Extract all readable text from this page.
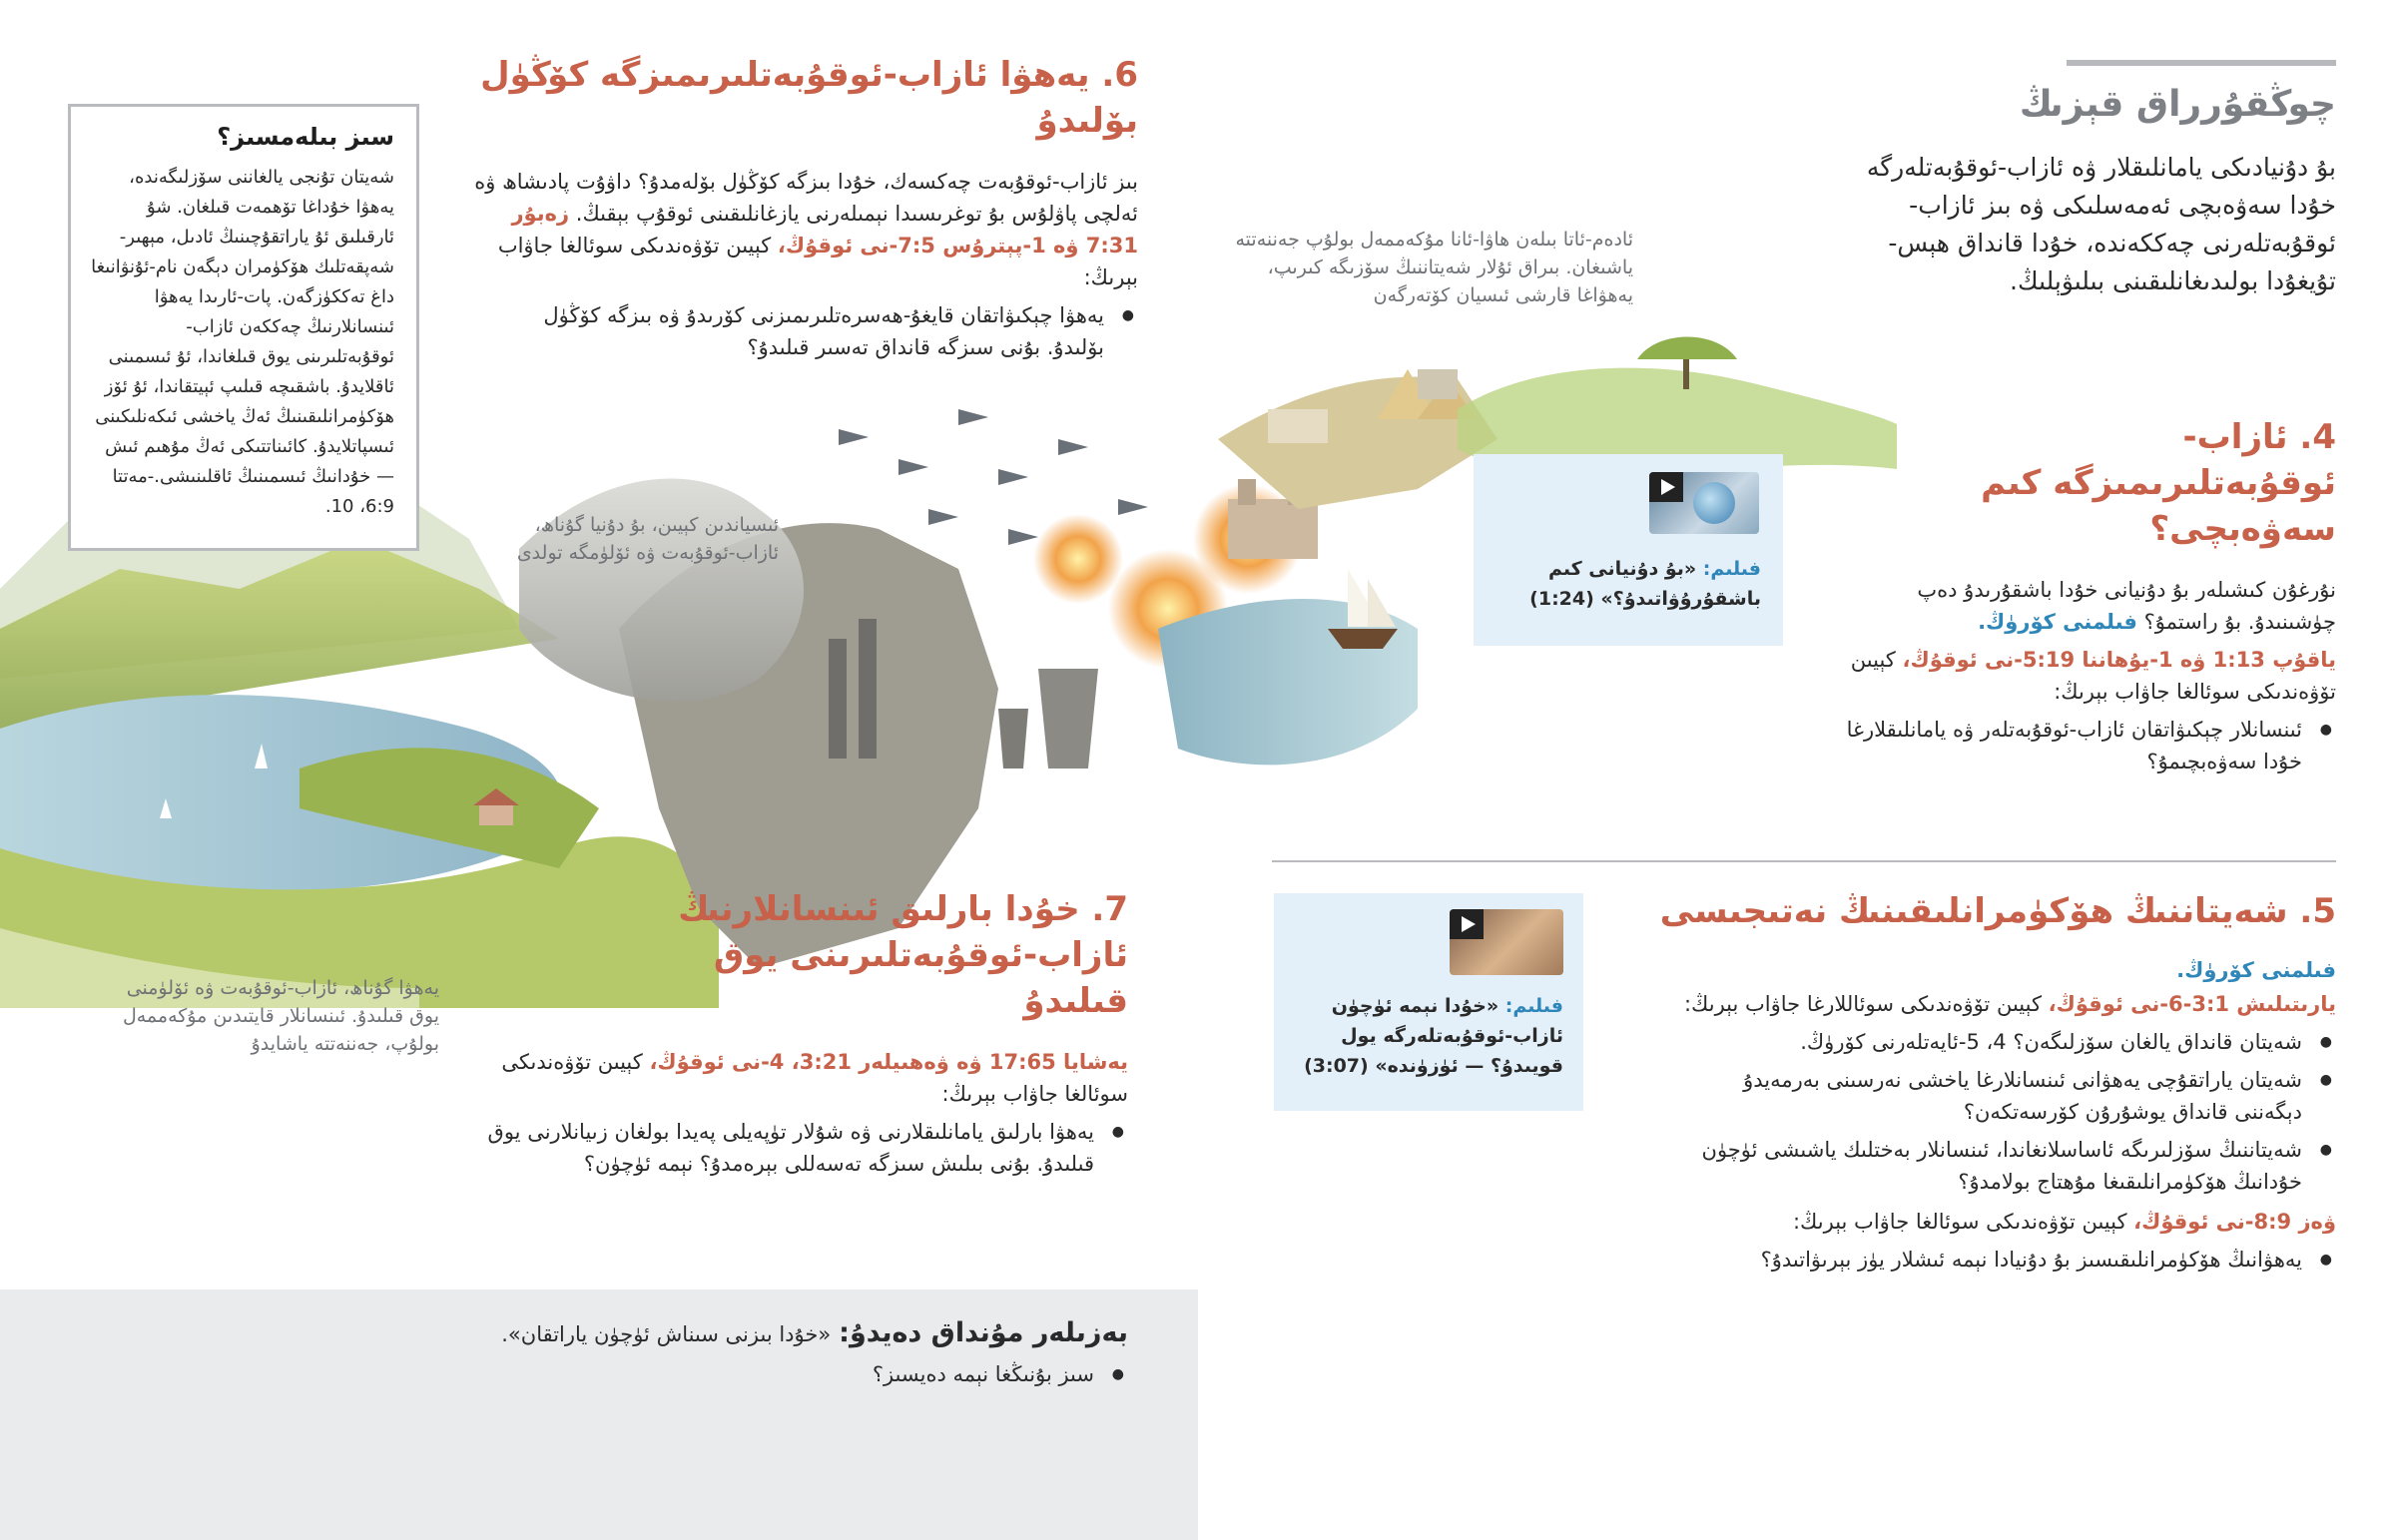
چوڭقۇرراق قېزىڭ

بۇ دۇنيادىكى يامانلىقلار ۋە ئازاب-ئوقۇبەتلەرگە خۇدا سەۋەبچى ئەمەسلىكى ۋە بىز ئازاب-ئوقۇبەتلەرنى چەككەندە، خۇدا قانداق ھېس-تۇيغۇدا بولىدىغانلىقىنى بىلىۋېلىڭ.

4. ئازاب-ئوقۇبەتلىرىمىزگە كىم سەۋەبچى؟

نۇرغۇن كىشىلەر بۇ دۇنيانى خۇدا باشقۇرىدۇ دەپ چۈشىنىدۇ. بۇ راستمۇ؟ فىلمنى كۆرۈڭ.

ياقۇپ 1:13 ۋە 1-يۇھاننا 5:19-نى ئوقۇڭ، كېيىن تۆۋەندىكى سوئالغا جاۋاب بېرىڭ:

● ئىنسانلار چېكىۋاتقان ئازاب-ئوقۇبەتلەر ۋە يامانلىقلارغا خۇدا سەۋەبچىمۇ؟
فىلىم: «بۇ دۇنيانى كىم باشقۇرۇۋاتىدۇ؟» (1:24)
5. شەيتاننىڭ ھۆكۈمرانلىقىنىڭ نەتىجىسى

فىلمنى كۆرۈڭ.

يارىتىلىش 3:1-6-نى ئوقۇڭ، كېيىن تۆۋەندىكى سوئاللارغا جاۋاب بېرىڭ:

● شەيتان قانداق يالغان سۆزلىگەن؟ 4، 5-ئايەتلەرنى كۆرۈڭ.
● شەيتان ياراتقۇچى يەھۋانى ئىنسانلارغا ياخشى نەرسىنى بەرمەيدۇ دېگەننى قانداق يوشۇرۇن كۆرسەتكەن؟
● شەيتاننىڭ سۆزلىرىگە ئاساسلانغاندا، ئىنسانلار بەختلىك ياشىشى ئۈچۈن خۇدانىڭ ھۆكۈمرانلىقىغا مۇھتاج بولامدۇ؟

ۋەز 8:9-نى ئوقۇڭ، كېيىن تۆۋەندىكى سوئالغا جاۋاب بېرىڭ:

● يەھۋانىڭ ھۆكۈمرانلىقىسىز بۇ دۇنيادا نېمە ئىشلار يۈز بېرىۋاتىدۇ؟
فىلىم: «خۇدا نېمە ئۈچۈن ئازاب-ئوقۇبەتلەرگە يول قويىدۇ؟ — ئۈزۈندە» (3:07)
6. يەھۋا ئازاب-ئوقۇبەتلىرىمىزگە كۆڭۈل بۆلىدۇ

بىز ئازاب-ئوقۇبەت چەكسەك، خۇدا بىزگە كۆڭۈل بۆلەمدۇ؟ داۋۇت پادىشاھ ۋە ئەلچى پاۋلۇس بۇ توغرىسىدا نېمىلەرنى يازغانلىقىنى ئوقۇپ بېقىڭ. زەبۇر 7:31 ۋە 1-پېترۇس 7:5-نى ئوقۇڭ، كېيىن تۆۋەندىكى سوئالغا جاۋاب بېرىڭ:

● يەھۋا چېكىۋاتقان قايغۇ-ھەسرەتلىرىمىزنى كۆرىدۇ ۋە بىزگە كۆڭۈل بۆلىدۇ. بۇنى سىزگە قانداق تەسىر قىلىدۇ؟
سىز بىلەمسىز؟

شەيتان تۇنجى يالغاننى سۆزلىگەندە، يەھۋا خۇداغا تۆھمەت قىلغان. شۇ ئارقىلىق ئۇ ياراتقۇچىنىڭ ئادىل، مېھىر-شەپقەتلىك ھۆكۈمران دېگەن نام-ئۇنۋانىغا داغ تەككۈزگەن. پات-ئارىدا يەھۋا ئىنسانلارنىڭ چەككەن ئازاب-ئوقۇبەتلىرىنى يوق قىلغاندا، ئۇ ئىسمىنى ئاقلايدۇ. باشقىچە قىلىپ ئېيتقاندا، ئۇ ئۆز ھۆكۈمرانلىقىنىڭ ئەڭ ياخشى ئىكەنلىكىنى ئىسپاتلايدۇ. كائىناتتىكى ئەڭ مۇھىم ئىش — خۇدانىڭ ئىسمىنىڭ ئاقلىنىشى.-مەتتا 6:9، 10.

ئادەم-ئاتا بىلەن ھاۋا-ئانا مۇكەممەل بولۇپ جەننەتتە ياشىغان. بىراق ئۇلار شەيتاننىڭ سۆزىگە كىرىپ، يەھۋاغا قارشى ئىسيان كۆتەرگەن
ئىسياندىن كېيىن، بۇ دۇنيا گۇناھ، ئازاب-ئوقۇبەت ۋە ئۆلۈمگە تولدى
يەھۋا گۇناھ، ئازاب-ئوقۇبەت ۋە ئۆلۈمنى يوق قىلىدۇ. ئىنسانلار قايتىدىن مۇكەممەل بولۇپ، جەننەتتە ياشايدۇ
7. خۇدا بارلىق ئىنسانلارنىڭ ئازاب-ئوقۇبەتلىرىنى يوق قىلىدۇ

يەشايا 17:65 ۋە ۋەھىيلەر 3:21، 4-نى ئوقۇڭ، كېيىن تۆۋەندىكى سوئالغا جاۋاب بېرىڭ:

● يەھۋا بارلىق يامانلىقلارنى ۋە شۇلار تۈپەيلى پەيدا بولغان زىيانلارنى يوق قىلىدۇ. بۇنى بىلىش سىزگە تەسەللى بېرەمدۇ؟ نېمە ئۈچۈن؟

بەزىلەر مۇنداق دەيدۇ: «خۇدا بىزنى سىناش ئۈچۈن ياراتقان».

● سىز بۇنىڭغا نېمە دەيسىز؟
